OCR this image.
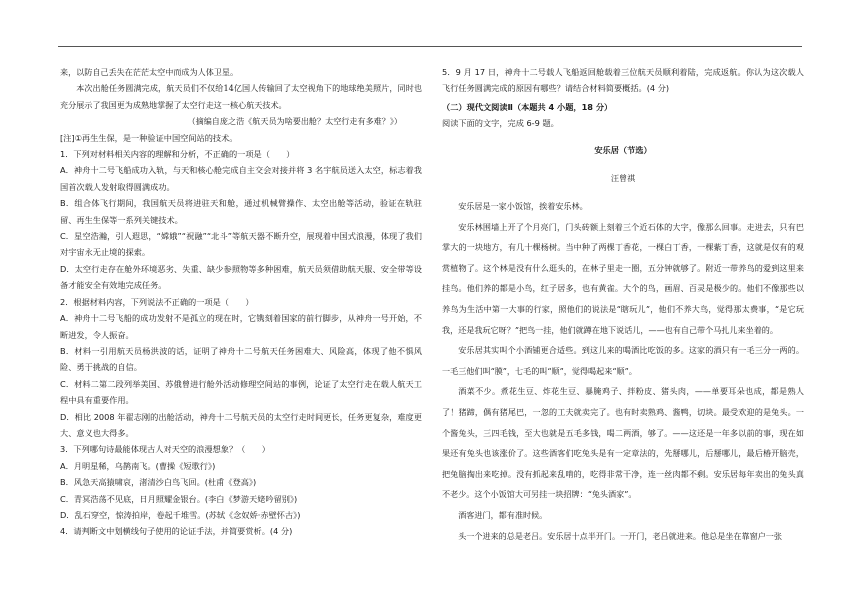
来，以防自己丢失在茫茫太空中而成为人体卫星。

本次出舱任务圆满完成，航天员们不仅给14亿国人传输回了太空视角下的地球绝美照片，同时也充分展示了我国更为成熟地掌握了太空行走这一核心航天技术。

（摘编自庞之浩《航天员为啥要出舱？太空行走有多难？》）

[注]①再生生保，是一种验证中国空间站的技术。

1．下列对材料相关内容的理解和分析，不正确的一项是（　　）

A．神舟十二号飞船成功入轨，与天和核心舱完成自主交会对接并将 3 名宇航员送入太空，标志着我国首次载人发射取得圆满成功。

B．组合体飞行期间，我国航天员将进驻天和舱，通过机械臂操作、太空出舱等活动，验证在轨驻留、再生生保等一系列关键技术。

C．星空浩瀚，引人遐思，“嫦娥”“祝融”“北斗”等航天器不断升空，展现着中国式浪漫，体现了我们对宇宙永无止境的探索。

D．太空行走存在舱外环境恶劣、失重、缺少参照物等多种困难，航天员须借助航天服、安全带等设备才能安全有效地完成任务。

2．根据材料内容，下列说法不正确的一项是（　　）

A．神舟十二号飞船的成功发射不是孤立的现在时，它镌刻着国家的前行脚步，从神舟一号开始，不断进发，令人振奋。

B．材料一引用航天员杨洪波的话，证明了神舟十二号航天任务困难大、风险高，体现了他不惧风险、勇于挑战的自信。

C．材料二第二段列举美国、苏俄曾进行舱外活动修理空间站的事例，论证了太空行走在载人航天工程中具有重要作用。

D．相比 2008 年翟志刚的出舱活动，神舟十二号航天员的太空行走时间更长，任务更复杂，难度更大、意义也大得多。

3．下列哪句诗最能体现古人对天空的浪漫想象？（　　）

A．月明星稀，乌鹊南飞。(曹操《短歌行》)

B．风急天高猿啸哀，渚清沙白鸟飞回。(杜甫《登高》)

C．青冥浩荡不见底，日月照耀金银台。(李白《梦游天姥吟留别》)

D．乱石穿空，惊涛拍岸，卷起千堆雪。(苏轼《念奴娇·赤壁怀古》)

4．请判断文中划横线句子使用的论证手法，并简要赏析。(4 分)

5．9 月 17 日，神舟十二号载人飞船返回舱载着三位航天员顺利着陆，完成返航。你认为这次载人飞行任务圆满完成的原因有哪些？请结合材料简要概括。(4 分)

（二）现代文阅读Ⅱ（本题共 4 小题，18 分）

阅读下面的文字，完成 6-9 题。

安乐居（节选）

汪曾祺

安乐居是一家小饭馆，挨着安乐林。

安乐林围墙上开了个月亮门，门头砖额上刻着三个近石体的大字，像那么回事。走进去，只有巴掌大的一块地方，有几十棵杨树。当中种了两棵丁香花，一棵白丁香，一棵紫丁香，这就是仅有的观赏植物了。这个林是没有什么逛头的，在林子里走一圈，五分钟就够了。附近一带养鸟的爱到这里来挂鸟。他们养的都是小鸟，红子居多，也有黄雀。大个的鸟，画眉、百灵是极少的。他们不像那些以养鸟为生活中第一大事的行家，照他们的说法是“瞎玩儿”，他们不养大鸟，觉得那太费事，“是它玩我，还是我玩它呀？”把鸟一挂，他们就蹲在地下说话儿，——也有自己带个马扎儿来坐着的。

安乐居其实叫个小酒铺更合适些。到这儿来的喝酒比吃饭的多。这家的酒只有一毛三分一两的。一毛三他们叫“膜”，七毛的叫“顺”，觉得喝起来“顺”。

酒菜不少。煮花生豆、炸花生豆、暴腌鸡子、拌粉皮、猪头肉，——单要耳朵也成，都是熟人了！猪蹄，偶有猪尾巴，一忽的工夫就卖完了。也有时卖熟鸡、酱鸭，切块。最受欢迎的是兔头。一个酱兔头，三四毛钱，至大也就是五毛多钱，喝二两酒，够了。——这还是一年多以前的事，现在如果还有兔头也该涨价了。这些酒客们吃兔头是有一定章法的，先掰哪儿，后掰哪儿，最后椿开脑壳，把兔脑掏出来吃掉。没有抓起来乱啃的，吃得非常干净，连一丝肉都不剩。安乐居每年卖出的兔头真不老少。这个小饭馆大可另挂一块招牌：“兔头酒家”。

酒客进门，都有准时候。

头一个进来的总是老吕。安乐居十点半开门。一开门，老吕就进来。他总是坐在靠窗户一张
